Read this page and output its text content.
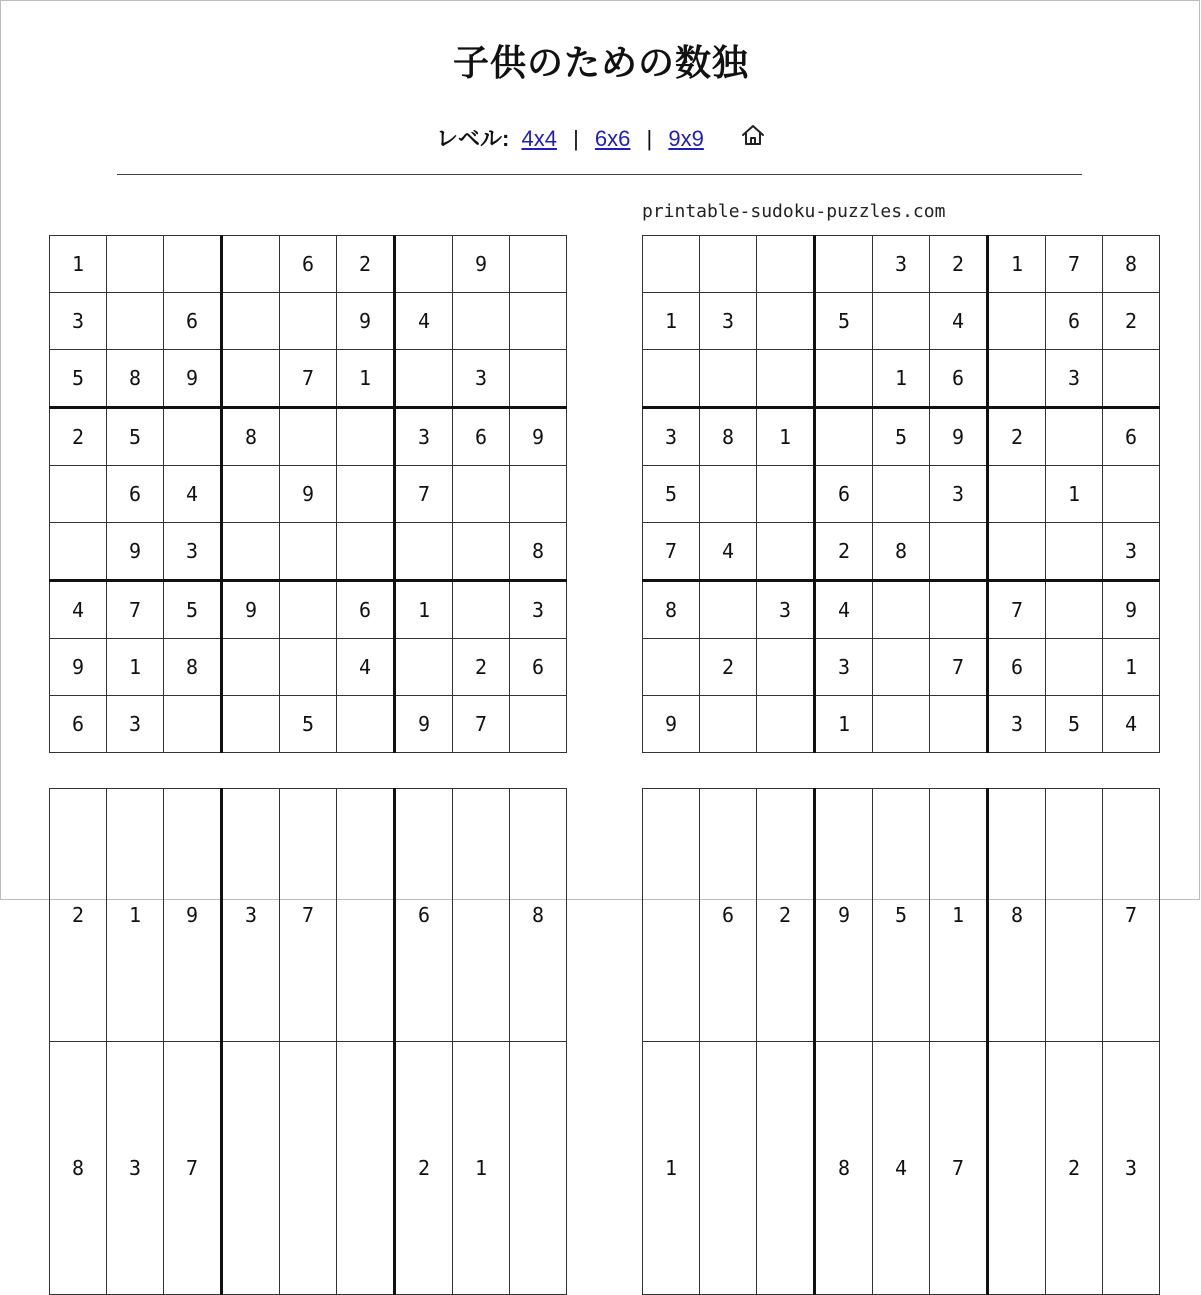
子供のための数独
レベル: 4x4 | 6x6 | 9x9
printable-sudoku-puzzles.com
1				6	2		9	
3		6			9	4		
5	8	9		7	1		3	
2	5		8			3	6	9
	6	4		9		7		
	9	3						8
4	7	5	9		6	1		3
9	1	8			4		2	6
6	3			5		9	7	
				3	2	1	7	8
1	3		5		4		6	2
				1	6		3	
3	8	1		5	9	2		6
5			6		3		1	
7	4		2	8				3
8		3	4			7		9
	2		3		7	6		1
9			1			3	5	4
2	1	9	3	7		6		8
8	3	7				2	1	
	6	2	9	5	1	8		7
1			8	4	7		2	3
